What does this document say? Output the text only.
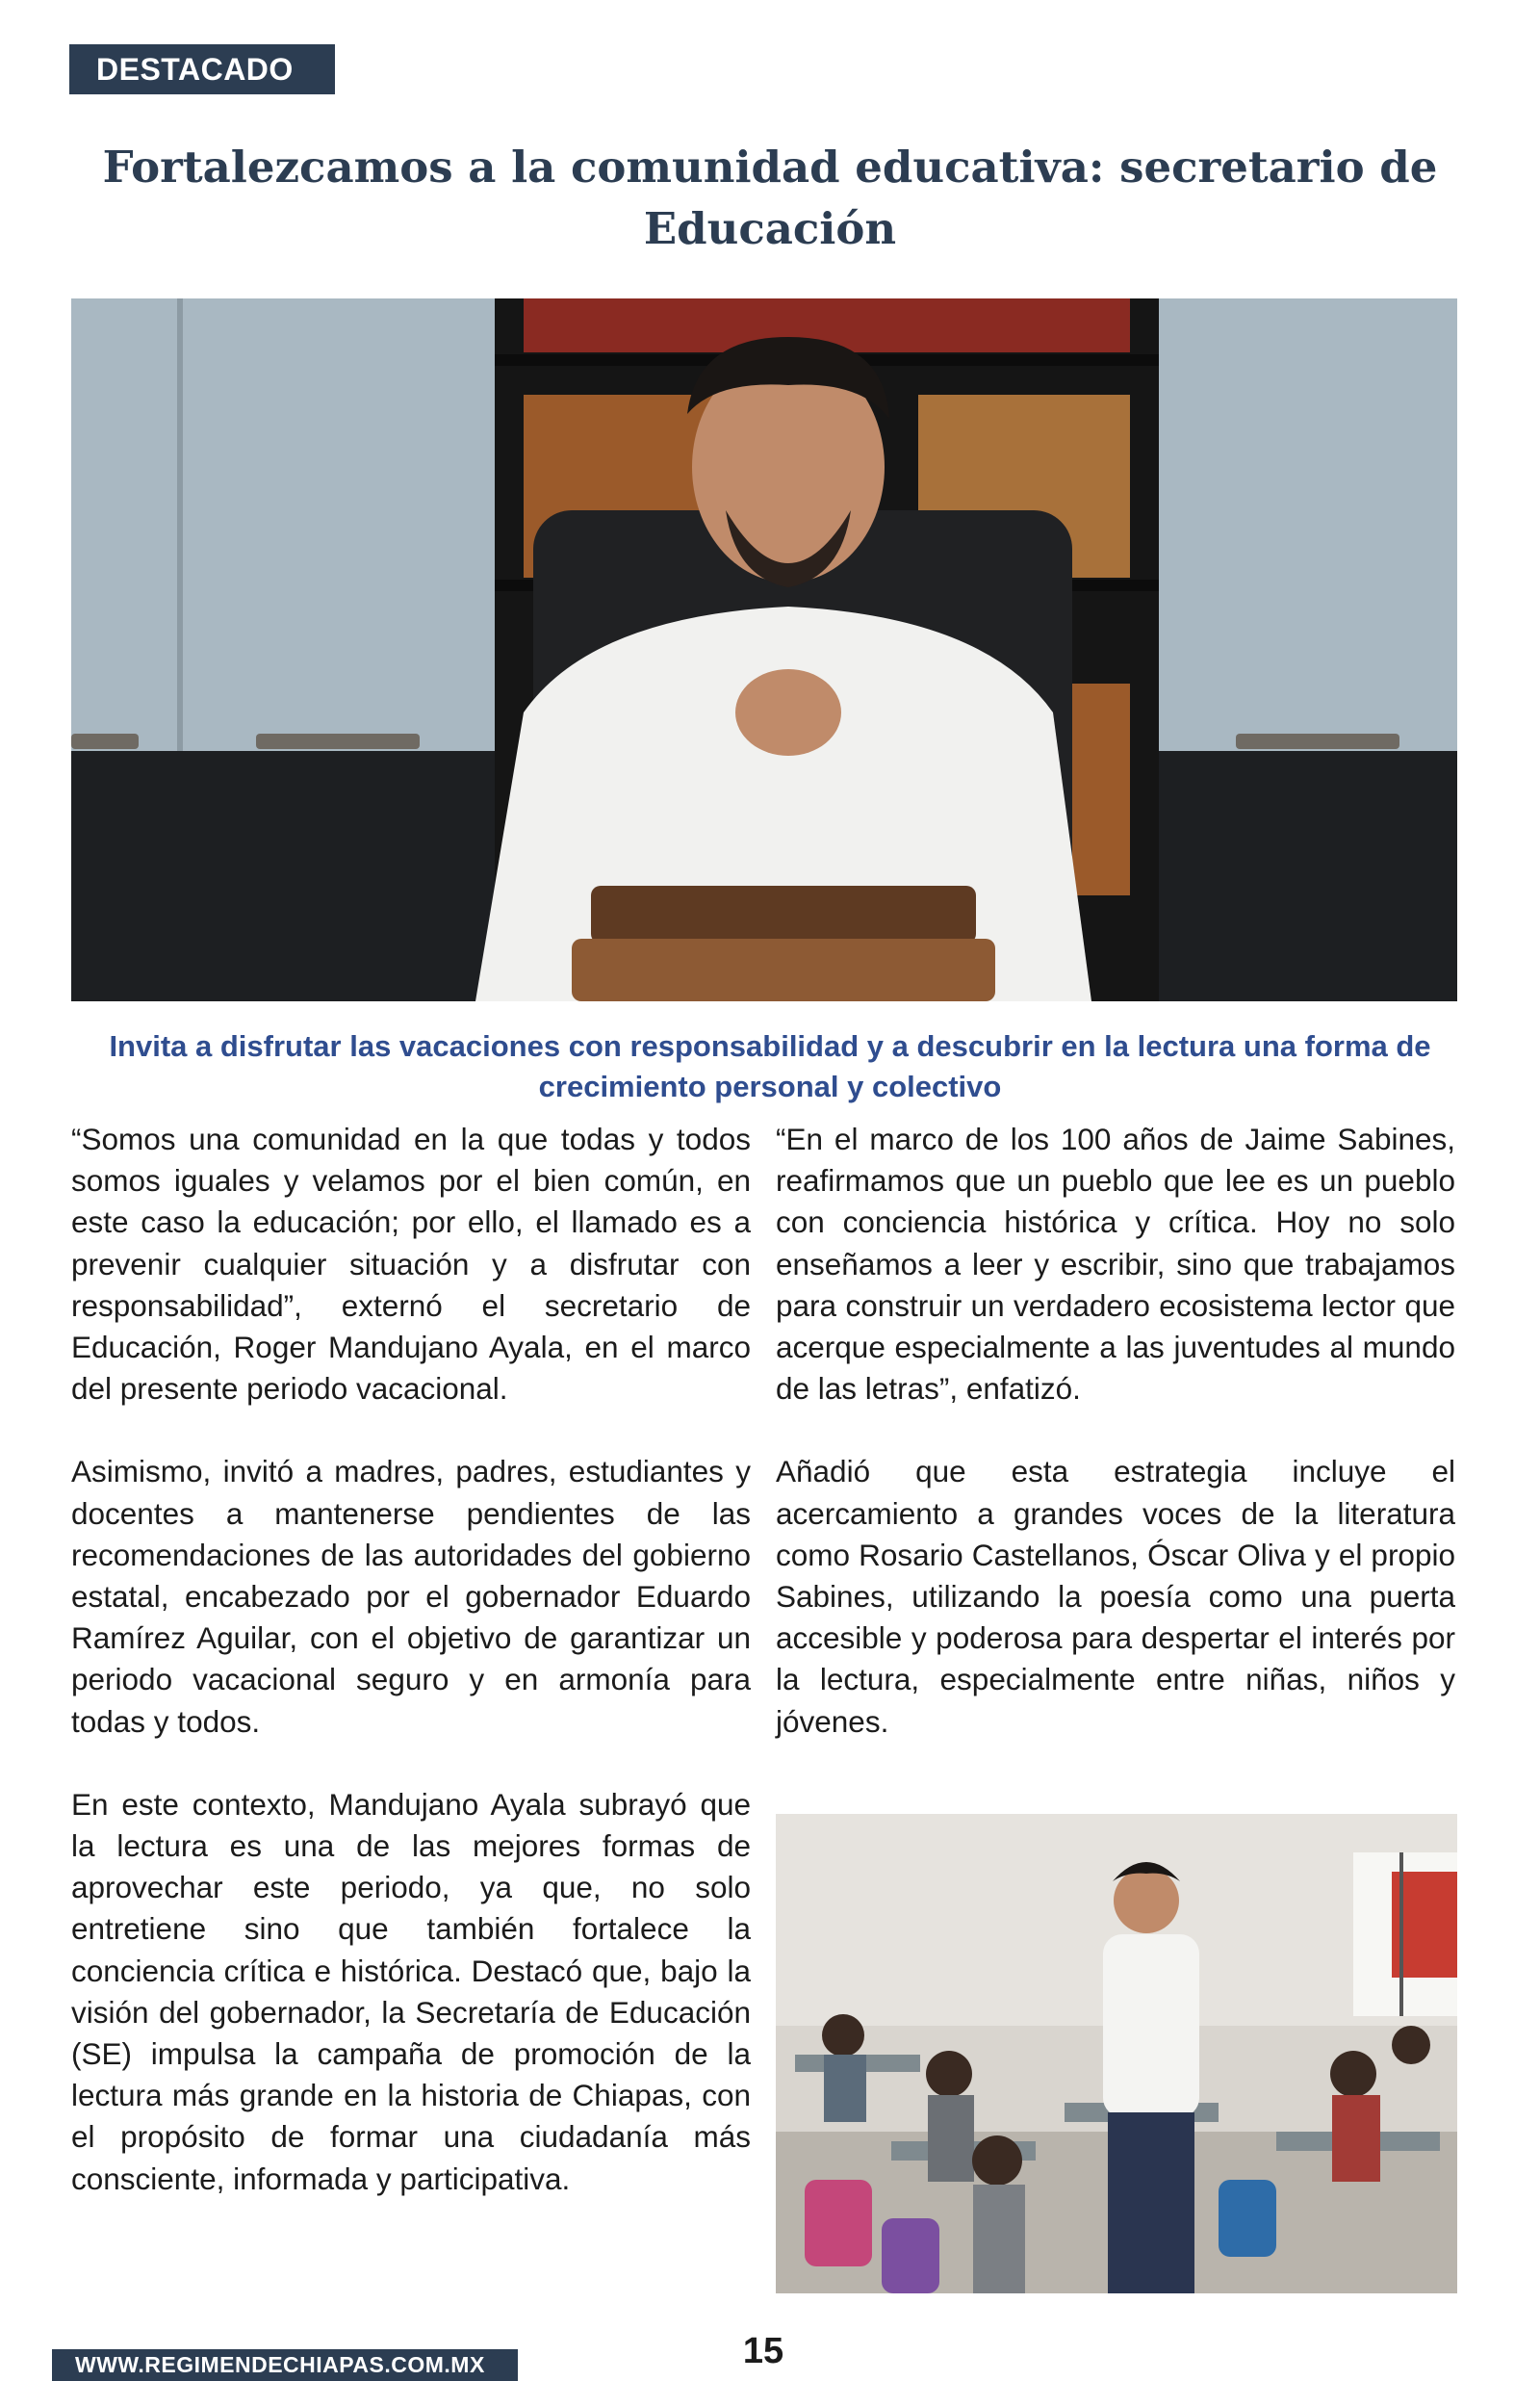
DESTACADO
Fortalezcamos a la comunidad educativa: secretario de Educación

Invita a disfrutar las vacaciones con responsabilidad y a descubrir en la lectura una forma de crecimiento personal y colectivo

“Somos una comunidad en la que todas y todos somos iguales y velamos por el bien común, en este caso la educación; por ello, el llamado es a prevenir cualquier situación y a disfrutar con responsabilidad”, externó el secretario de Educación, Roger Mandujano Ayala, en el marco del presente periodo vacacional.

Asimismo, invitó a madres, padres, estudiantes y docentes a mantenerse pendientes de las recomendaciones de las autoridades del gobierno estatal, encabezado por el gobernador Eduardo Ramírez Aguilar, con el objetivo de garantizar un periodo vacacional seguro y en armonía para todas y todos.

En este contexto, Mandujano Ayala subrayó que la lectura es una de las mejores formas de aprovechar este periodo, ya que, no solo entretiene sino que también fortalece la conciencia crítica e histórica. Destacó que, bajo la visión del gobernador, la Secretaría de Educación (SE) impulsa la campaña de promoción de la lectura más grande en la historia de Chiapas, con el propósito de formar una ciudadanía más consciente, informada y participativa.

“En el marco de los 100 años de Jaime Sabines, reafirmamos que un pueblo que lee es un pueblo con conciencia histórica y crítica. Hoy no solo enseñamos a leer y escribir, sino que trabajamos para construir un verdadero ecosistema lector que acerque especialmente a las juventudes al mundo de las letras”, enfatizó.

Añadió que esta estrategia incluye el acercamiento a grandes voces de la literatura como Rosario Castellanos, Óscar Oliva y el propio Sabines, utilizando la poesía como una puerta accesible y poderosa para despertar el interés por la lectura, especialmente entre niñas, niños y jóvenes.

15
WWW.REGIMENDECHIAPAS.COM.MX
